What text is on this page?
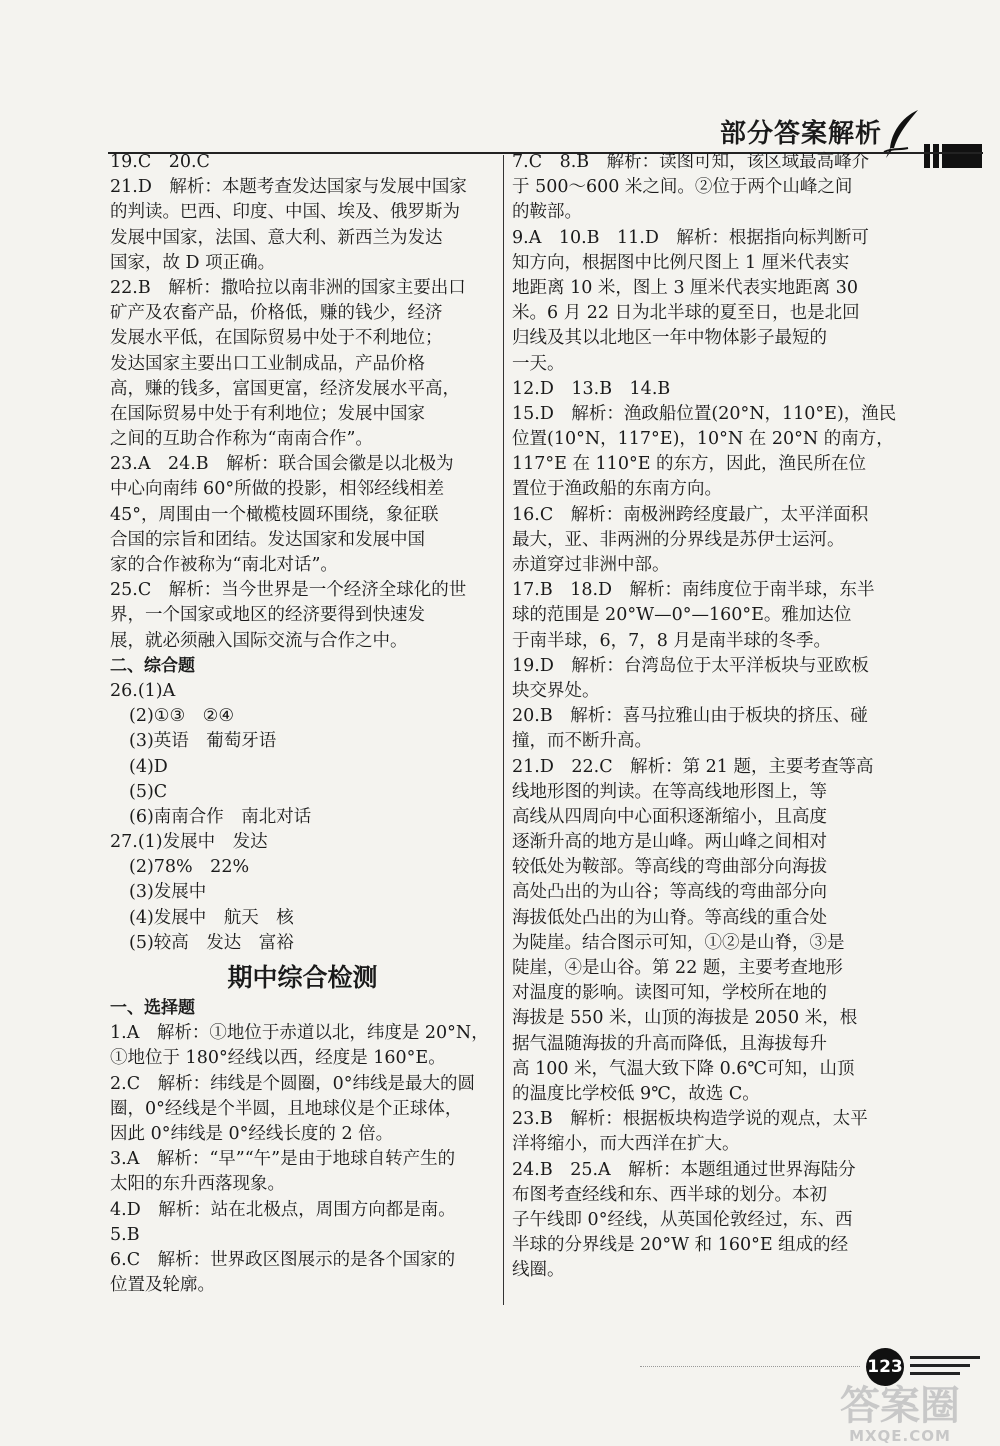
部分答案解析
19.C　20.C
21.D　解析：本题考查发达国家与发展中国家
的判读。巴西、印度、中国、埃及、俄罗斯为
发展中国家，法国、意大利、新西兰为发达
国家，故 D 项正确。
22.B　解析：撒哈拉以南非洲的国家主要出口
矿产及农畜产品，价格低，赚的钱少，经济
发展水平低，在国际贸易中处于不利地位；
发达国家主要出口工业制成品，产品价格
高，赚的钱多，富国更富，经济发展水平高，
在国际贸易中处于有利地位；发展中国家
之间的互助合作称为“南南合作”。
23.A　24.B　解析：联合国会徽是以北极为
中心向南纬 60°所做的投影，相邻经线相差
45°，周围由一个橄榄枝圆环围绕，象征联
合国的宗旨和团结。发达国家和发展中国
家的合作被称为“南北对话”。
25.C　解析：当今世界是一个经济全球化的世
界，一个国家或地区的经济要得到快速发
展，就必须融入国际交流与合作之中。
二、综合题
26.(1)A
(2)①③　②④
(3)英语　葡萄牙语
(4)D
(5)C
(6)南南合作　南北对话
27.(1)发展中　发达
(2)78%　22%
(3)发展中
(4)发展中　航天　核
(5)较高　发达　富裕
期中综合检测
一、选择题
1.A　解析：①地位于赤道以北，纬度是 20°N，
①地位于 180°经线以西，经度是 160°E。
2.C　解析：纬线是个圆圈，0°纬线是最大的圆
圈，0°经线是个半圆，且地球仪是个正球体，
因此 0°纬线是 0°经线长度的 2 倍。
3.A　解析：“早”“午”是由于地球自转产生的
太阳的东升西落现象。
4.D　解析：站在北极点，周围方向都是南。
5.B
6.C　解析：世界政区图展示的是各个国家的
位置及轮廓。
7.C　8.B　解析：读图可知，该区域最高峰介
于 500～600 米之间。②位于两个山峰之间
的鞍部。
9.A　10.B　11.D　解析：根据指向标判断可
知方向，根据图中比例尺图上 1 厘米代表实
地距离 10 米，图上 3 厘米代表实地距离 30
米。6 月 22 日为北半球的夏至日，也是北回
归线及其以北地区一年中物体影子最短的
一天。
12.D　13.B　14.B
15.D　解析：渔政船位置(20°N，110°E)，渔民
位置(10°N，117°E)，10°N 在 20°N 的南方，
117°E 在 110°E 的东方，因此，渔民所在位
置位于渔政船的东南方向。
16.C　解析：南极洲跨经度最广，太平洋面积
最大，亚、非两洲的分界线是苏伊士运河。
赤道穿过非洲中部。
17.B　18.D　解析：南纬度位于南半球，东半
球的范围是 20°W—0°—160°E。雅加达位
于南半球，6，7，8 月是南半球的冬季。
19.D　解析：台湾岛位于太平洋板块与亚欧板
块交界处。
20.B　解析：喜马拉雅山由于板块的挤压、碰
撞，而不断升高。
21.D　22.C　解析：第 21 题，主要考查等高
线地形图的判读。在等高线地形图上，等
高线从四周向中心面积逐渐缩小，且高度
逐渐升高的地方是山峰。两山峰之间相对
较低处为鞍部。等高线的弯曲部分向海拔
高处凸出的为山谷；等高线的弯曲部分向
海拔低处凸出的为山脊。等高线的重合处
为陡崖。结合图示可知，①②是山脊，③是
陡崖，④是山谷。第 22 题，主要考查地形
对温度的影响。读图可知，学校所在地的
海拔是 550 米，山顶的海拔是 2050 米，根
据气温随海拔的升高而降低，且海拔每升
高 100 米，气温大致下降 0.6℃可知，山顶
的温度比学校低 9℃，故选 C。
23.B　解析：根据板块构造学说的观点，太平
洋将缩小，而大西洋在扩大。
24.B　25.A　解析：本题组通过世界海陆分
布图考查经线和东、西半球的划分。本初
子午线即 0°经线，从英国伦敦经过，东、西
半球的分界线是 20°W 和 160°E 组成的经
线圈。
123
答案圈
MXQE.COM
